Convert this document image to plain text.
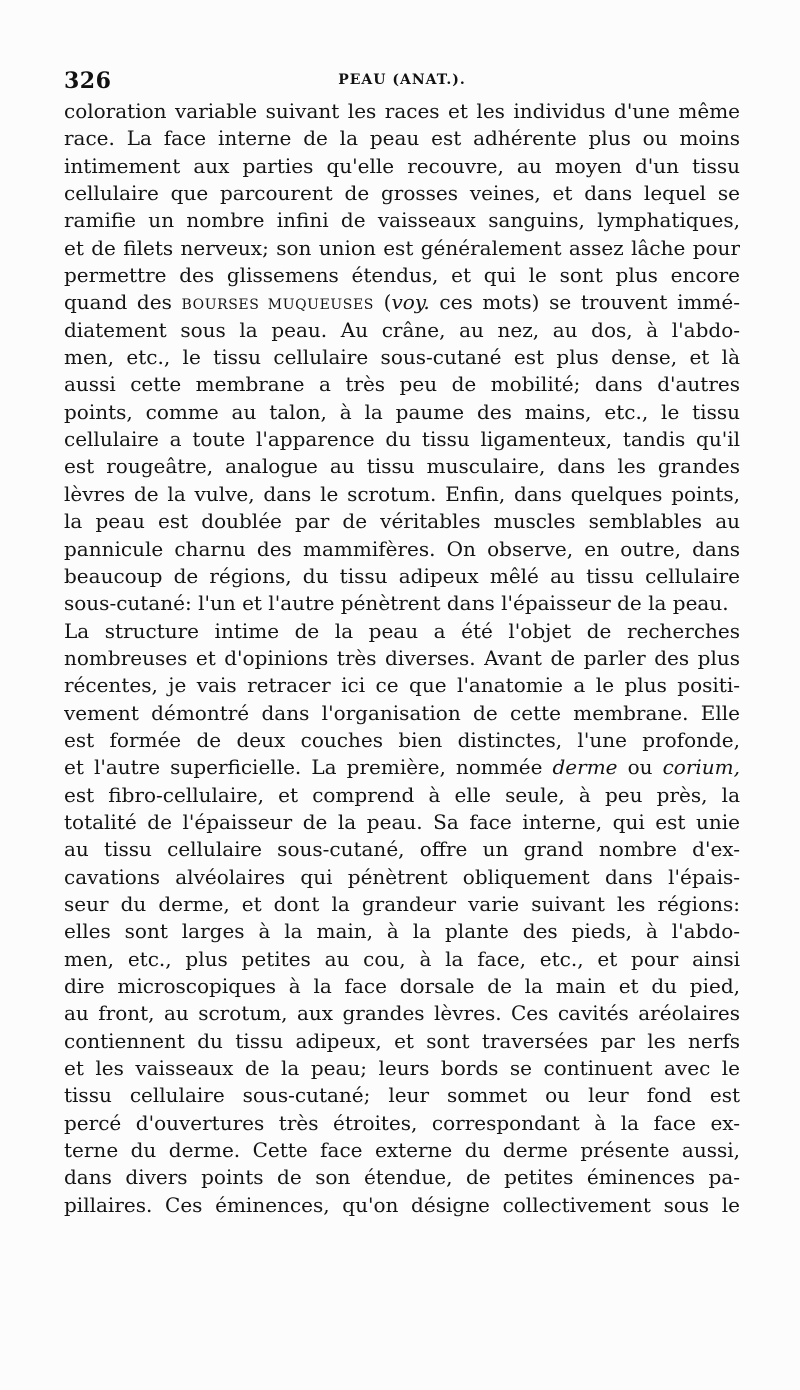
326	PEAU (ANAT.).
coloration variable suivant les races et les individus d'une même
race. La face interne de la peau est adhérente plus ou moins
intimement aux parties qu'elle recouvre, au moyen d'un tissu
cellulaire que parcourent de grosses veines, et dans lequel se
ramifie un nombre infini de vaisseaux sanguins, lymphatiques,
et de filets nerveux; son union est généralement assez lâche pour
permettre des glissemens étendus, et qui le sont plus encore
quand des BOURSES MUQUEUSES (voy. ces mots) se trouvent immé-
diatement sous la peau. Au crâne, au nez, au dos, à l'abdo-
men, etc., le tissu cellulaire sous-cutané est plus dense, et là
aussi cette membrane a très peu de mobilité; dans d'autres
points, comme au talon, à la paume des mains, etc., le tissu
cellulaire a toute l'apparence du tissu ligamenteux, tandis qu'il
est rougeâtre, analogue au tissu musculaire, dans les grandes
lèvres de la vulve, dans le scrotum. Enfin, dans quelques points,
la peau est doublée par de véritables muscles semblables au
pannicule charnu des mammifères. On observe, en outre, dans
beaucoup de régions, du tissu adipeux mêlé au tissu cellulaire
sous-cutané: l'un et l'autre pénètrent dans l'épaisseur de la peau.
La structure intime de la peau a été l'objet de recherches
nombreuses et d'opinions très diverses. Avant de parler des plus
récentes, je vais retracer ici ce que l'anatomie a le plus positi-
vement démontré dans l'organisation de cette membrane. Elle
est formée de deux couches bien distinctes, l'une profonde,
et l'autre superficielle. La première, nommée derme ou corium,
est fibro-cellulaire, et comprend à elle seule, à peu près, la
totalité de l'épaisseur de la peau. Sa face interne, qui est unie
au tissu cellulaire sous-cutané, offre un grand nombre d'ex-
cavations alvéolaires qui pénètrent obliquement dans l'épais-
seur du derme, et dont la grandeur varie suivant les régions:
elles sont larges à la main, à la plante des pieds, à l'abdo-
men, etc., plus petites au cou, à la face, etc., et pour ainsi
dire microscopiques à la face dorsale de la main et du pied,
au front, au scrotum, aux grandes lèvres. Ces cavités aréolaires
contiennent du tissu adipeux, et sont traversées par les nerfs
et les vaisseaux de la peau; leurs bords se continuent avec le
tissu cellulaire sous-cutané; leur sommet ou leur fond est
percé d'ouvertures très étroites, correspondant à la face ex-
terne du derme. Cette face externe du derme présente aussi,
dans divers points de son étendue, de petites éminences pa-
pillaires. Ces éminences, qu'on désigne collectivement sous le
